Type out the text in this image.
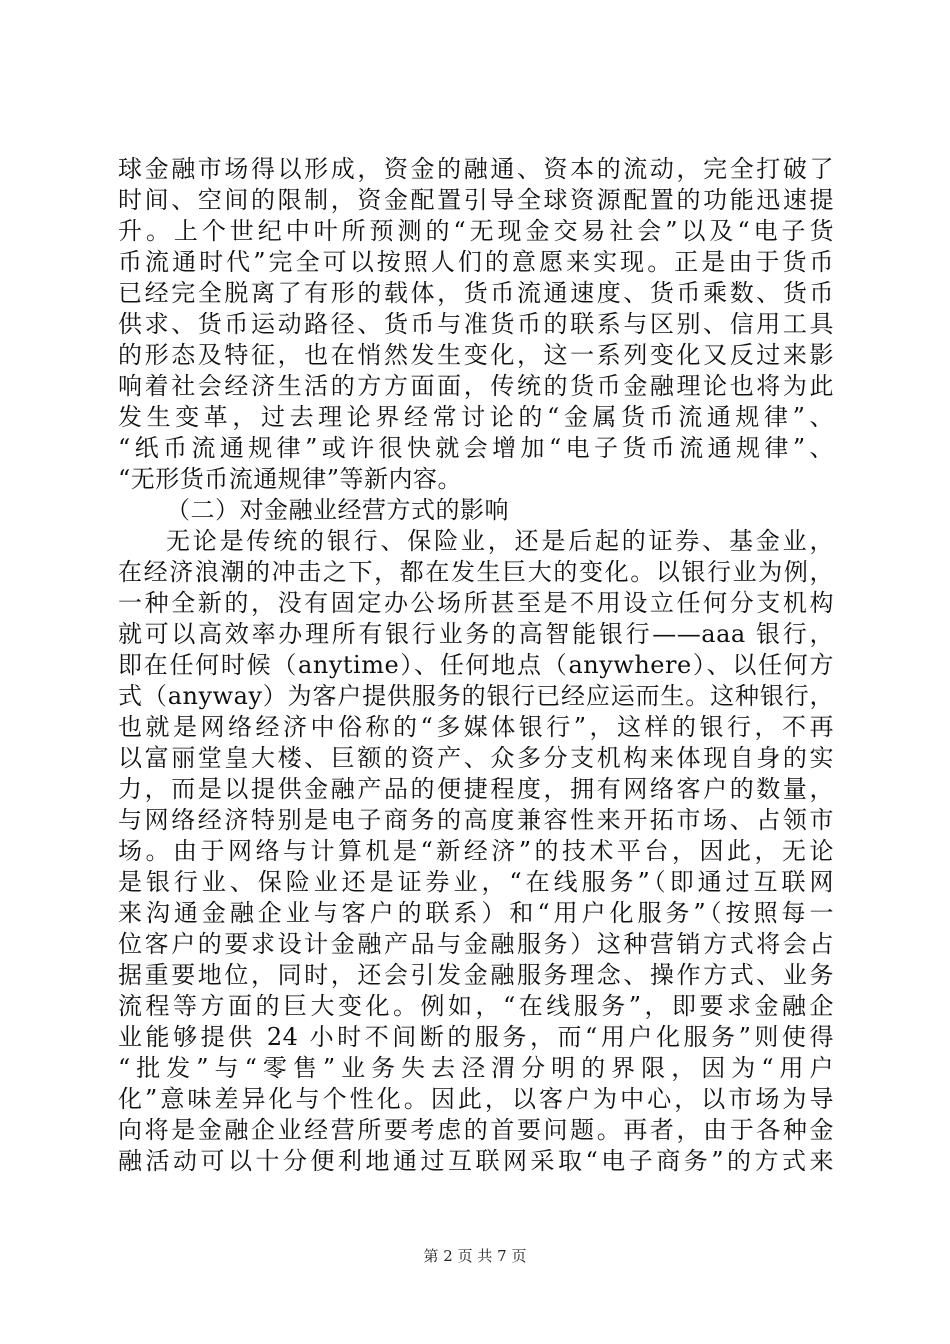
球金融市场得以形成，资金的融通、资本的流动，完全打破了
时间、空间的限制，资金配置引导全球资源配置的功能迅速提
升。上个世纪中叶所预测的“无现金交易社会”以及“电子货
币流通时代”完全可以按照人们的意愿来实现。正是由于货币
已经完全脱离了有形的载体，货币流通速度、货币乘数、货币
供求、货币运动路径、货币与准货币的联系与区别、信用工具
的形态及特征，也在悄然发生变化，这一系列变化又反过来影
响着社会经济生活的方方面面，传统的货币金融理论也将为此
发生变革，过去理论界经常讨论的“金属货币流通规律”、
“纸币流通规律”或许很快就会增加“电子货币流通规律”、
“无形货币流通规律”等新内容。
（二）对金融业经营方式的影响
无论是传统的银行、保险业，还是后起的证券、基金业，
在经济浪潮的冲击之下，都在发生巨大的变化。以银行业为例，
一种全新的，没有固定办公场所甚至是不用设立任何分支机构
就可以高效率办理所有银行业务的高智能银行——aaa 银行，
即在任何时候（anytime）、任何地点（anywhere）、以任何方
式（anyway）为客户提供服务的银行已经应运而生。这种银行，
也就是网络经济中俗称的“多媒体银行”，这样的银行，不再
以富丽堂皇大楼、巨额的资产、众多分支机构来体现自身的实
力，而是以提供金融产品的便捷程度，拥有网络客户的数量，
与网络经济特别是电子商务的高度兼容性来开拓市场、占领市
场。由于网络与计算机是“新经济”的技术平台，因此，无论
是银行业、保险业还是证券业，“在线服务”（即通过互联网
来沟通金融企业与客户的联系）和“用户化服务”（按照每一
位客户的要求设计金融产品与金融服务）这种营销方式将会占
据重要地位，同时，还会引发金融服务理念、操作方式、业务
流程等方面的巨大变化。例如，“在线服务”，即要求金融企
业能够提供 24 小时不间断的服务，而“用户化服务”则使得
“批发”与“零售”业务失去泾渭分明的界限，因为“用户
化”意味差异化与个性化。因此，以客户为中心，以市场为导
向将是金融企业经营所要考虑的首要问题。再者，由于各种金
融活动可以十分便利地通过互联网采取“电子商务”的方式来
第 2 页 共 7 页
